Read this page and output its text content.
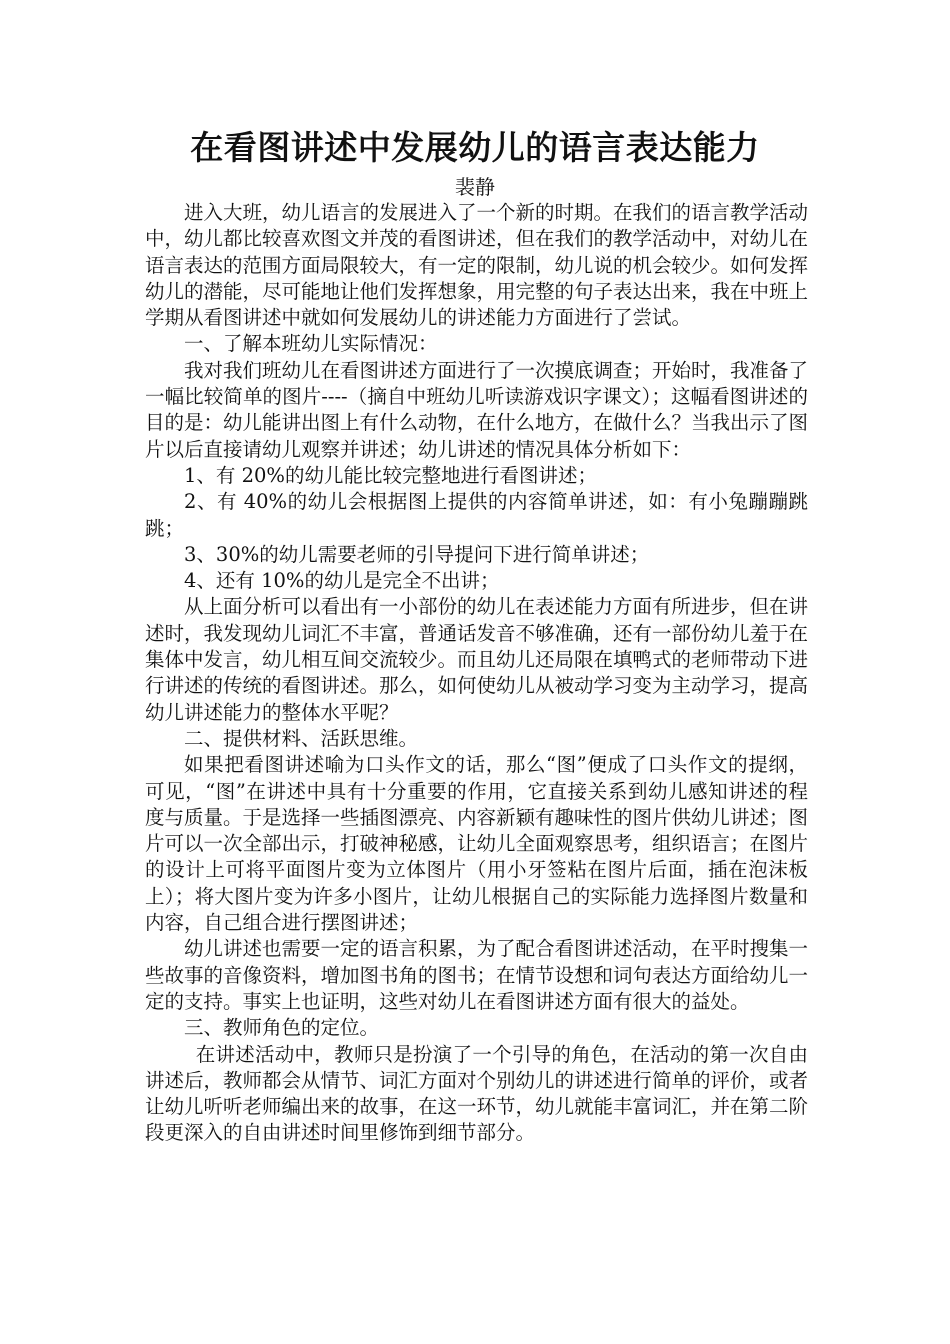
在看图讲述中发展幼儿的语言表达能力
裴静

进入大班，幼儿语言的发展进入了一个新的时期。在我们的语言教学活动中，幼儿都比较喜欢图文并茂的看图讲述，但在我们的教学活动中，对幼儿在语言表达的范围方面局限较大，有一定的限制，幼儿说的机会较少。如何发挥幼儿的潜能，尽可能地让他们发挥想象，用完整的句子表达出来，我在中班上学期从看图讲述中就如何发展幼儿的讲述能力方面进行了尝试。

一、了解本班幼儿实际情况：

我对我们班幼儿在看图讲述方面进行了一次摸底调查；开始时，我准备了一幅比较简单的图片----（摘自中班幼儿听读游戏识字课文）；这幅看图讲述的目的是：幼儿能讲出图上有什么动物，在什么地方，在做什么？当我出示了图片以后直接请幼儿观察并讲述；幼儿讲述的情况具体分析如下：

1、有 20%的幼儿能比较完整地进行看图讲述；

2、有 40%的幼儿会根据图上提供的内容简单讲述，如：有小兔蹦蹦跳跳；

3、30%的幼儿需要老师的引导提问下进行简单讲述；

4、还有 10%的幼儿是完全不出讲；

从上面分析可以看出有一小部份的幼儿在表述能力方面有所进步，但在讲述时，我发现幼儿词汇不丰富，普通话发音不够准确，还有一部份幼儿羞于在集体中发言，幼儿相互间交流较少。而且幼儿还局限在填鸭式的老师带动下进行讲述的传统的看图讲述。那么，如何使幼儿从被动学习变为主动学习，提高幼儿讲述能力的整体水平呢？

二、提供材料、活跃思维。

如果把看图讲述喻为口头作文的话，那么“图”便成了口头作文的提纲，可见，“图”在讲述中具有十分重要的作用，它直接关系到幼儿感知讲述的程度与质量。于是选择一些插图漂亮、内容新颖有趣味性的图片供幼儿讲述；图片可以一次全部出示，打破神秘感，让幼儿全面观察思考，组织语言；在图片的设计上可将平面图片变为立体图片（用小牙签粘在图片后面，插在泡沫板上）；将大图片变为许多小图片，让幼儿根据自己的实际能力选择图片数量和内容，自己组合进行摆图讲述；

幼儿讲述也需要一定的语言积累，为了配合看图讲述活动，在平时搜集一些故事的音像资料，增加图书角的图书；在情节设想和词句表达方面给幼儿一定的支持。事实上也证明，这些对幼儿在看图讲述方面有很大的益处。

三、教师角色的定位。

在讲述活动中，教师只是扮演了一个引导的角色，在活动的第一次自由讲述后，教师都会从情节、词汇方面对个别幼儿的讲述进行简单的评价，或者让幼儿听听老师编出来的故事，在这一环节，幼儿就能丰富词汇，并在第二阶段更深入的自由讲述时间里修饰到细节部分。
